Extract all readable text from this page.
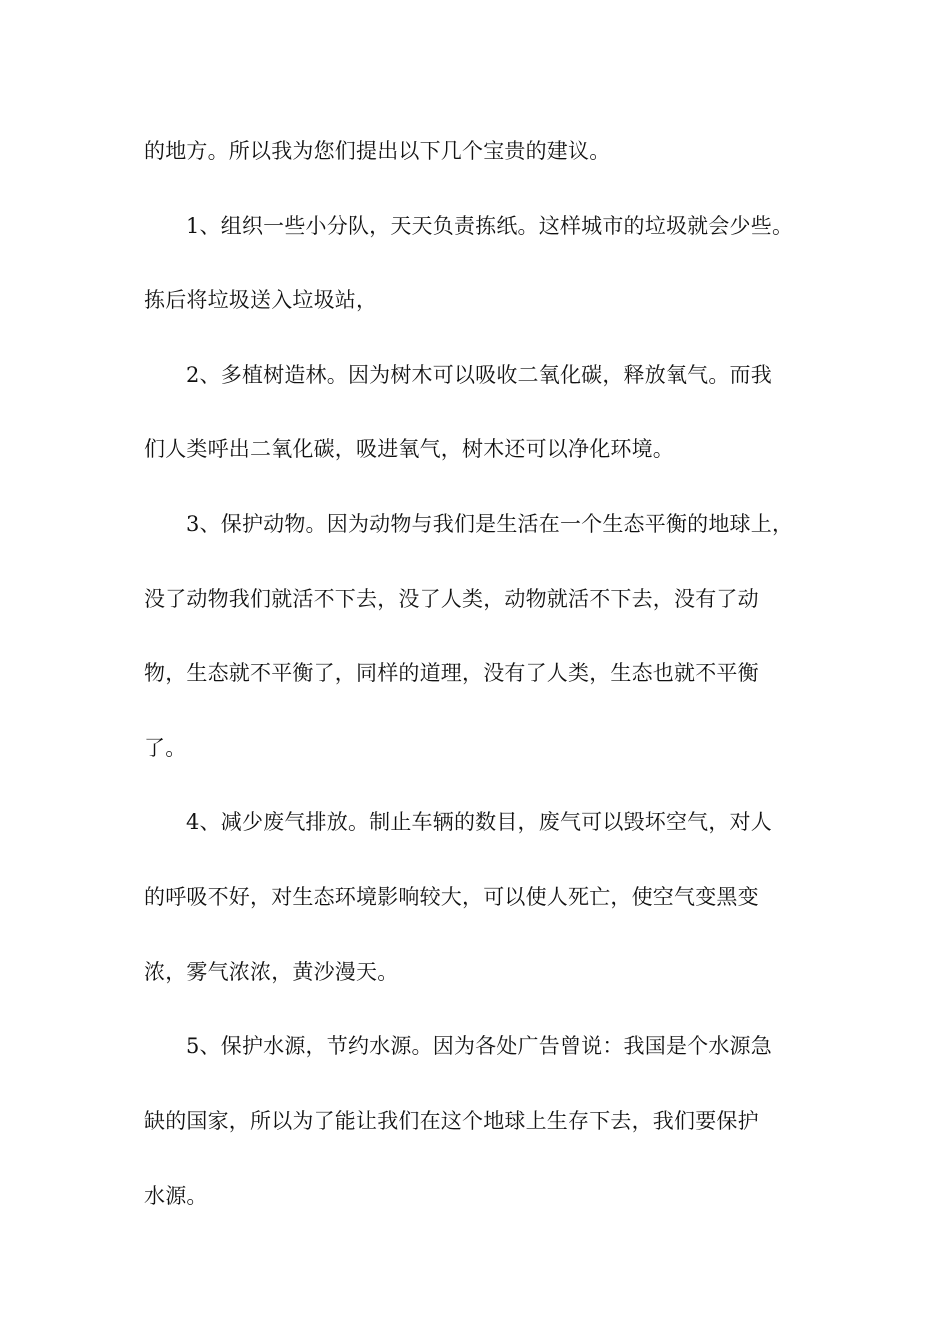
的地方。所以我为您们提出以下几个宝贵的建议。
1、组织一些小分队，天天负责拣纸。这样城市的垃圾就会少些。
拣后将垃圾送入垃圾站，
2、多植树造林。因为树木可以吸收二氧化碳，释放氧气。而我
们人类呼出二氧化碳，吸进氧气，树木还可以净化环境。
3、保护动物。因为动物与我们是生活在一个生态平衡的地球上，
没了动物我们就活不下去，没了人类，动物就活不下去，没有了动
物，生态就不平衡了，同样的道理，没有了人类，生态也就不平衡
了。
4、减少废气排放。制止车辆的数目，废气可以毁坏空气，对人
的呼吸不好，对生态环境影响较大，可以使人死亡，使空气变黑变
浓，雾气浓浓，黄沙漫天。
5、保护水源，节约水源。因为各处广告曾说：我国是个水源急
缺的国家，所以为了能让我们在这个地球上生存下去，我们要保护
水源。
